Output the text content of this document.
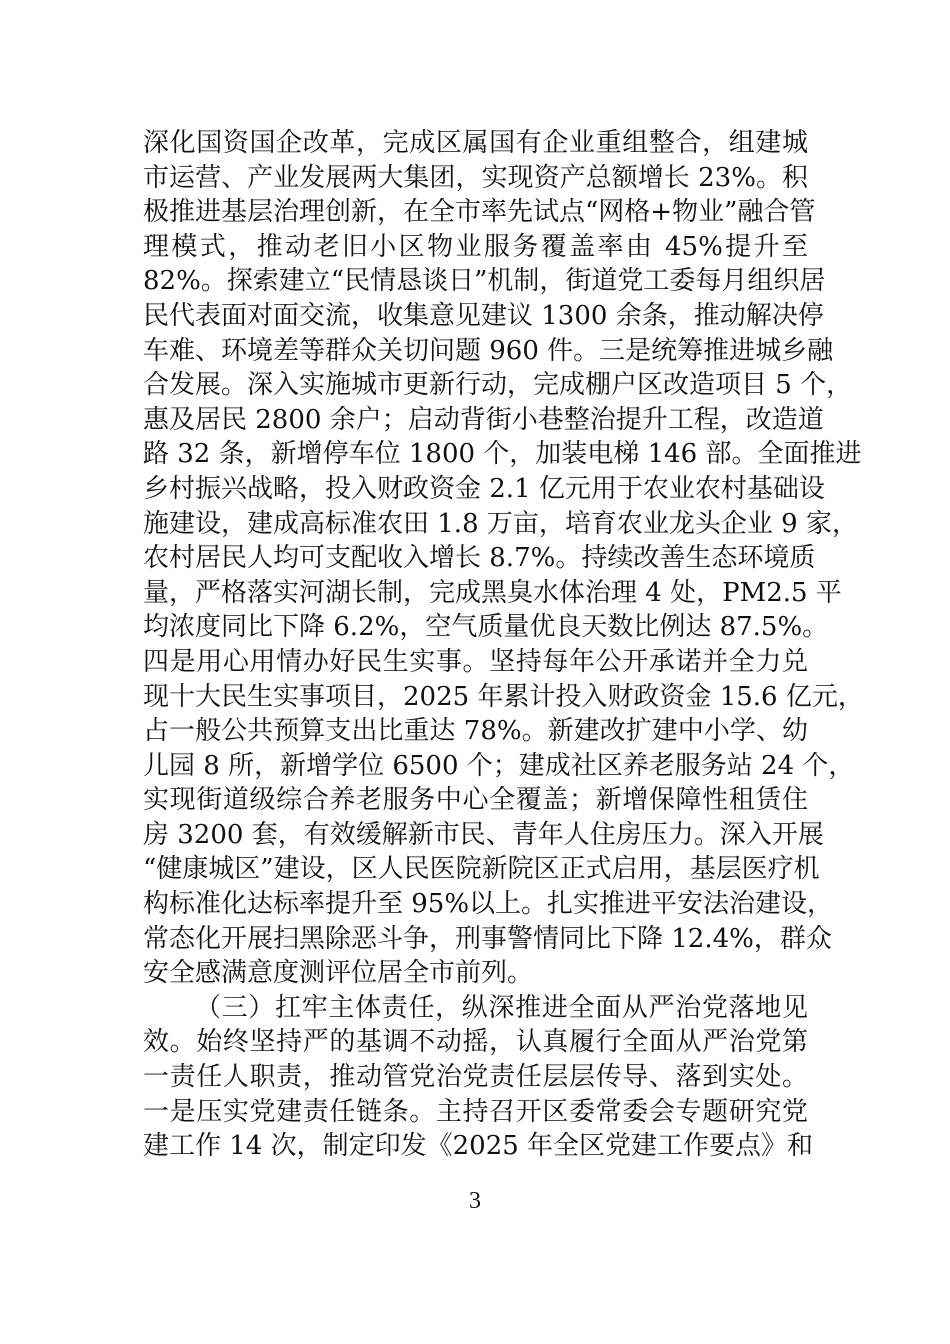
深化国资国企改革，完成区属国有企业重组整合，组建城
市运营、产业发展两大集团，实现资产总额增长 23%。积
极推进基层治理创新，在全市率先试点“网格+物业”融合管
理模式，推动老旧小区物业服务覆盖率由 45%提升至
82%。探索建立“民情恳谈日”机制，街道党工委每月组织居
民代表面对面交流，收集意见建议 1300 余条，推动解决停
车难、环境差等群众关切问题 960 件。三是统筹推进城乡融
合发展。深入实施城市更新行动，完成棚户区改造项目 5 个，
惠及居民 2800 余户；启动背街小巷整治提升工程，改造道
路 32 条，新增停车位 1800 个，加装电梯 146 部。全面推进
乡村振兴战略，投入财政资金 2.1 亿元用于农业农村基础设
施建设，建成高标准农田 1.8 万亩，培育农业龙头企业 9 家，
农村居民人均可支配收入增长 8.7%。持续改善生态环境质
量，严格落实河湖长制，完成黑臭水体治理 4 处，PM2.5 平
均浓度同比下降 6.2%，空气质量优良天数比例达 87.5%。
四是用心用情办好民生实事。坚持每年公开承诺并全力兑
现十大民生实事项目，2025 年累计投入财政资金 15.6 亿元，
占一般公共预算支出比重达 78%。新建改扩建中小学、幼
儿园 8 所，新增学位 6500 个；建成社区养老服务站 24 个，
实现街道级综合养老服务中心全覆盖；新增保障性租赁住
房 3200 套，有效缓解新市民、青年人住房压力。深入开展
“健康城区”建设，区人民医院新院区正式启用，基层医疗机
构标准化达标率提升至 95%以上。扎实推进平安法治建设，
常态化开展扫黑除恶斗争，刑事警情同比下降 12.4%，群众
安全感满意度测评位居全市前列。
（三）扛牢主体责任，纵深推进全面从严治党落地见
效。始终坚持严的基调不动摇，认真履行全面从严治党第
一责任人职责，推动管党治党责任层层传导、落到实处。
一是压实党建责任链条。主持召开区委常委会专题研究党
建工作 14 次，制定印发《2025 年全区党建工作要点》和
3
